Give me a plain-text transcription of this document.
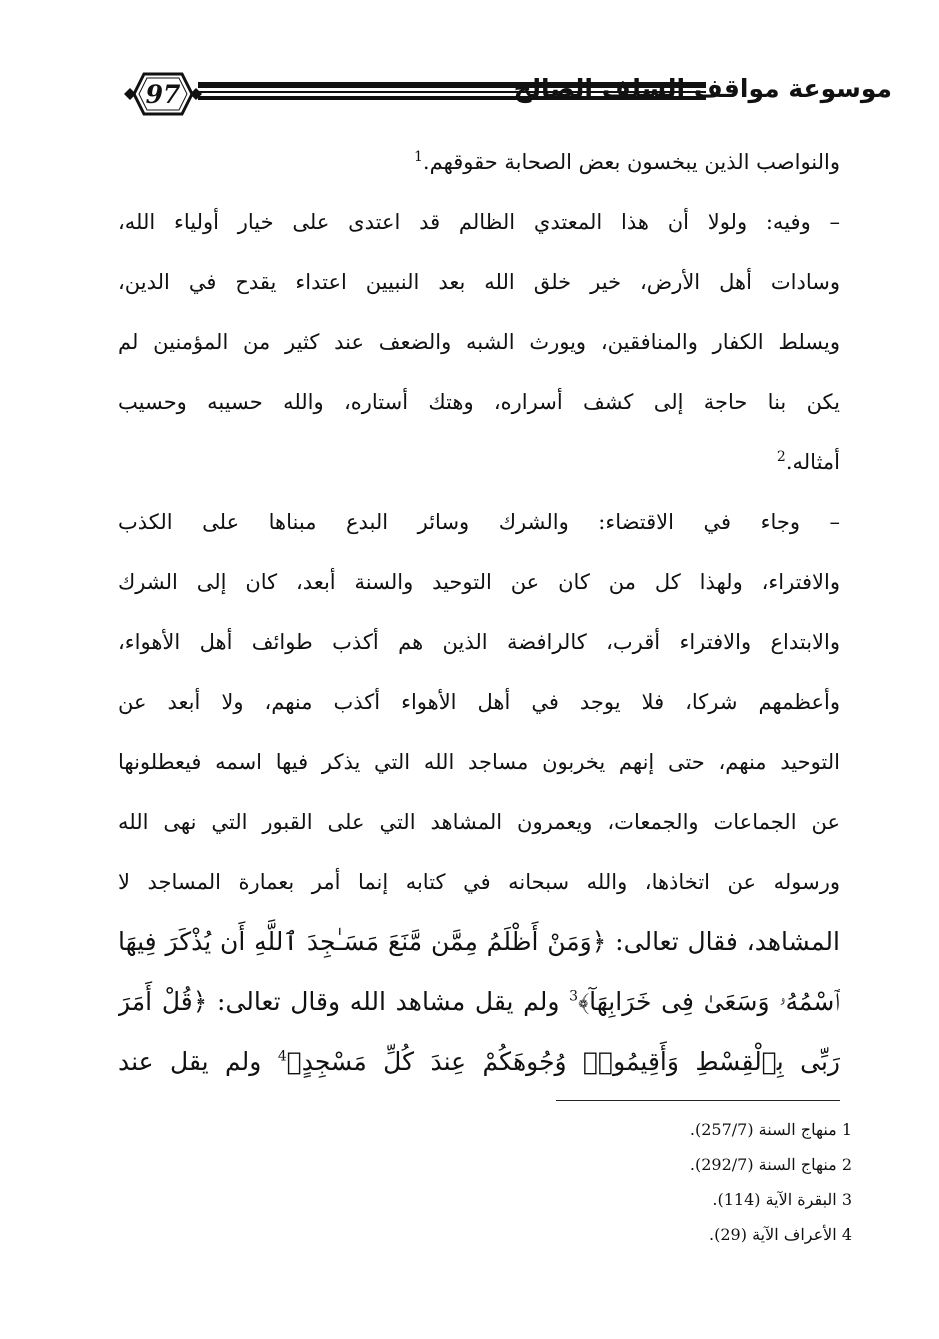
97	موسوعة مواقف السلف الصالح
والنواصب الذين يبخسون بعض الصحابة حقوقهم.$^1$
– وفيه: ولولا أن هذا المعتدي الظالم قد اعتدى على خيار أولياء الله،
وسادات أهل الأرض، خير خلق الله بعد النبيين اعتداء يقدح في الدين،
ويسلط الكفار والمنافقين، ويورث الشبه والضعف عند كثير من المؤمنين لم
يكن بنا حاجة إلى كشف أسراره، وهتك أستاره، والله حسيبه وحسيب
أمثاله.$^2$
– وجاء في الاقتضاء: والشرك وسائر البدع مبناها على الكذب
والافتراء، ولهذا كل من كان عن التوحيد والسنة أبعد، كان إلى الشرك
والابتداع والافتراء أقرب، كالرافضة الذين هم أكذب طوائف أهل الأهواء،
وأعظمهم شركا، فلا يوجد في أهل الأهواء أكذب منهم، ولا أبعد عن
التوحيد منهم، حتى إنهم يخربون مساجد الله التي يذكر فيها اسمه فيعطلونها
عن الجماعات والجمعات، ويعمرون المشاهد التي على القبور التي نهى الله
ورسوله عن اتخاذها، والله سبحانه في كتابه إنما أمر بعمارة المساجد لا
المشاهد، فقال تعالى: ﴿وَمَنْ أَظْلَمُ مِمَّن مَّنَعَ مَسَـٰجِدَ ٱللَّهِ أَن يُذْكَرَ فِيهَا
ٱسْمُهُۥ وَسَعَىٰ فِى خَرَابِهَآ﴾$^3$ ولم يقل مشاهد الله وقال تعالى: ﴿قُلْ أَمَرَ
رَبِّى بِٱلْقِسْطِ وَأَقِيمُوا۟ وُجُوهَكُمْ عِندَ كُلِّ مَسْجِدٍ﴾$^4$ ولم يقل عند
1 منهاج السنة (257/7).
2 منهاج السنة (292/7).
3 البقرة الآية (114).
4 الأعراف الآية (29).
